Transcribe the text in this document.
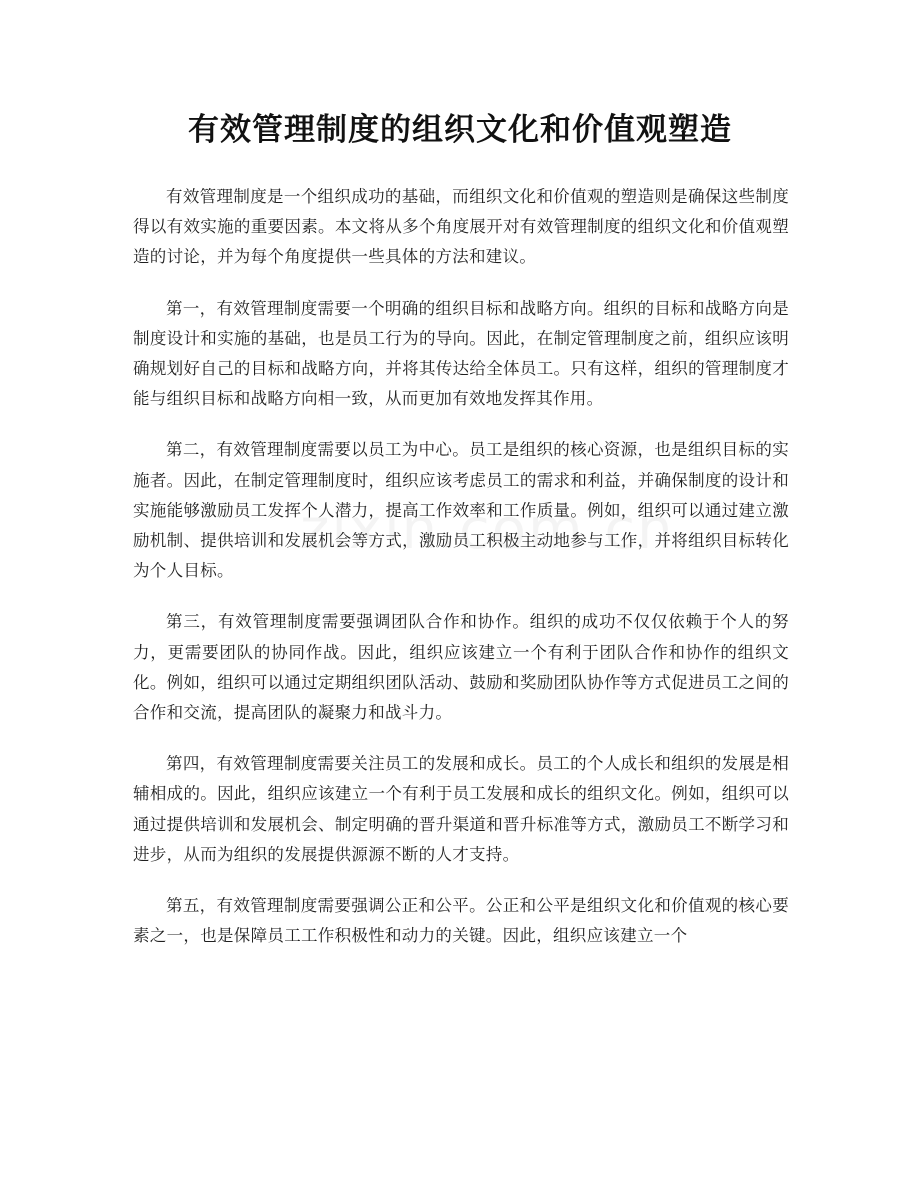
有效管理制度的组织文化和价值观塑造

有效管理制度是一个组织成功的基础，而组织文化和价值观的塑造则是确保这些制度得以有效实施的重要因素。本文将从多个角度展开对有效管理制度的组织文化和价值观塑造的讨论，并为每个角度提供一些具体的方法和建议。

第一，有效管理制度需要一个明确的组织目标和战略方向。组织的目标和战略方向是制度设计和实施的基础，也是员工行为的导向。因此，在制定管理制度之前，组织应该明确规划好自己的目标和战略方向，并将其传达给全体员工。只有这样，组织的管理制度才能与组织目标和战略方向相一致，从而更加有效地发挥其作用。

第二，有效管理制度需要以员工为中心。员工是组织的核心资源，也是组织目标的实施者。因此，在制定管理制度时，组织应该考虑员工的需求和利益，并确保制度的设计和实施能够激励员工发挥个人潜力，提高工作效率和工作质量。例如，组织可以通过建立激励机制、提供培训和发展机会等方式，激励员工积极主动地参与工作，并将组织目标转化为个人目标。

第三，有效管理制度需要强调团队合作和协作。组织的成功不仅仅依赖于个人的努力，更需要团队的协同作战。因此，组织应该建立一个有利于团队合作和协作的组织文化。例如，组织可以通过定期组织团队活动、鼓励和奖励团队协作等方式促进员工之间的合作和交流，提高团队的凝聚力和战斗力。

第四，有效管理制度需要关注员工的发展和成长。员工的个人成长和组织的发展是相辅相成的。因此，组织应该建立一个有利于员工发展和成长的组织文化。例如，组织可以通过提供培训和发展机会、制定明确的晋升渠道和晋升标准等方式，激励员工不断学习和进步，从而为组织的发展提供源源不断的人才支持。

第五，有效管理制度需要强调公正和公平。公正和公平是组织文化和价值观的核心要素之一，也是保障员工工作积极性和动力的关键。因此，组织应该建立一个
